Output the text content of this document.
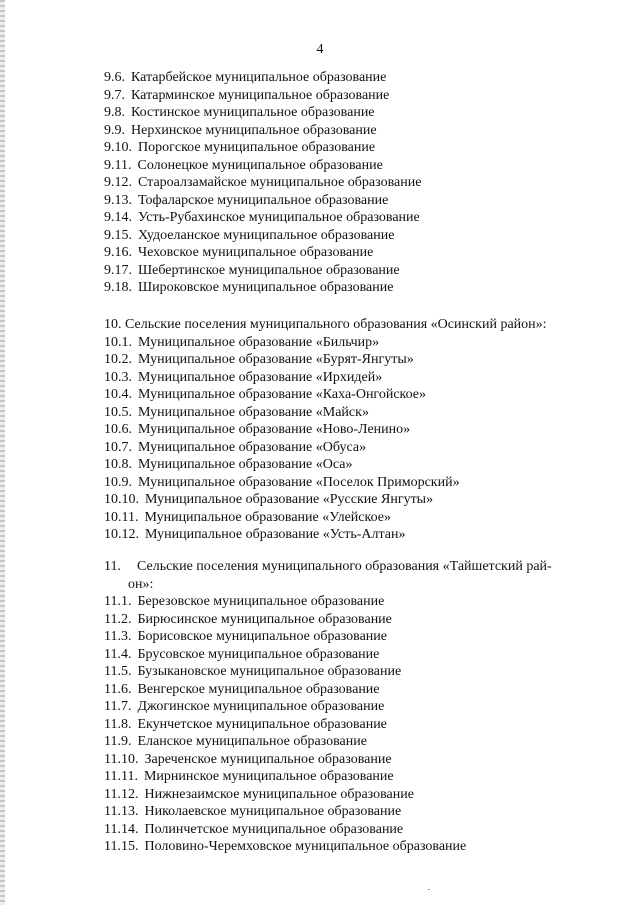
4
9.6. Катарбейское муниципальное образование
9.7. Катарминское муниципальное образование
9.8. Костинское муниципальное образование
9.9. Нерхинское муниципальное образование
9.10. Порогское муниципальное образование
9.11. Солонецкое муниципальное образование
9.12. Староалзамайское муниципальное образование
9.13. Тофаларское муниципальное образование
9.14. Усть-Рубахинское муниципальное образование
9.15. Худоеланское муниципальное образование
9.16. Чеховское муниципальное образование
9.17. Шебертинское муниципальное образование
9.18. Широковское муниципальное образование
10. Сельские поселения муниципального образования «Осинский район»:
10.1. Муниципальное образование «Бильчир»
10.2. Муниципальное образование «Бурят-Янгуты»
10.3. Муниципальное образование «Ирхидей»
10.4. Муниципальное образование «Каха-Онгойское»
10.5. Муниципальное образование «Майск»
10.6. Муниципальное образование «Ново-Ленино»
10.7. Муниципальное образование «Обуса»
10.8. Муниципальное образование «Оса»
10.9. Муниципальное образование «Поселок Приморский»
10.10. Муниципальное образование «Русские Янгуты»
10.11. Муниципальное образование «Улейское»
10.12. Муниципальное образование «Усть-Алтан»
11. Сельские поселения муниципального образования «Тайшетский рай-
он»:
11.1. Березовское муниципальное образование
11.2. Бирюсинское муниципальное образование
11.3. Борисовское муниципальное образование
11.4. Брусовское муниципальное образование
11.5. Бузыкановское муниципальное образование
11.6. Венгерское муниципальное образование
11.7. Джогинское муниципальное образование
11.8. Екунчетское муниципальное образование
11.9. Еланское муниципальное образование
11.10. Зареченское муниципальное образование
11.11. Мирнинское муниципальное образование
11.12. Нижнезаимское муниципальное образование
11.13. Николаевское муниципальное образование
11.14. Полинчетское муниципальное образование
11.15. Половино-Черемховское муниципальное образование
